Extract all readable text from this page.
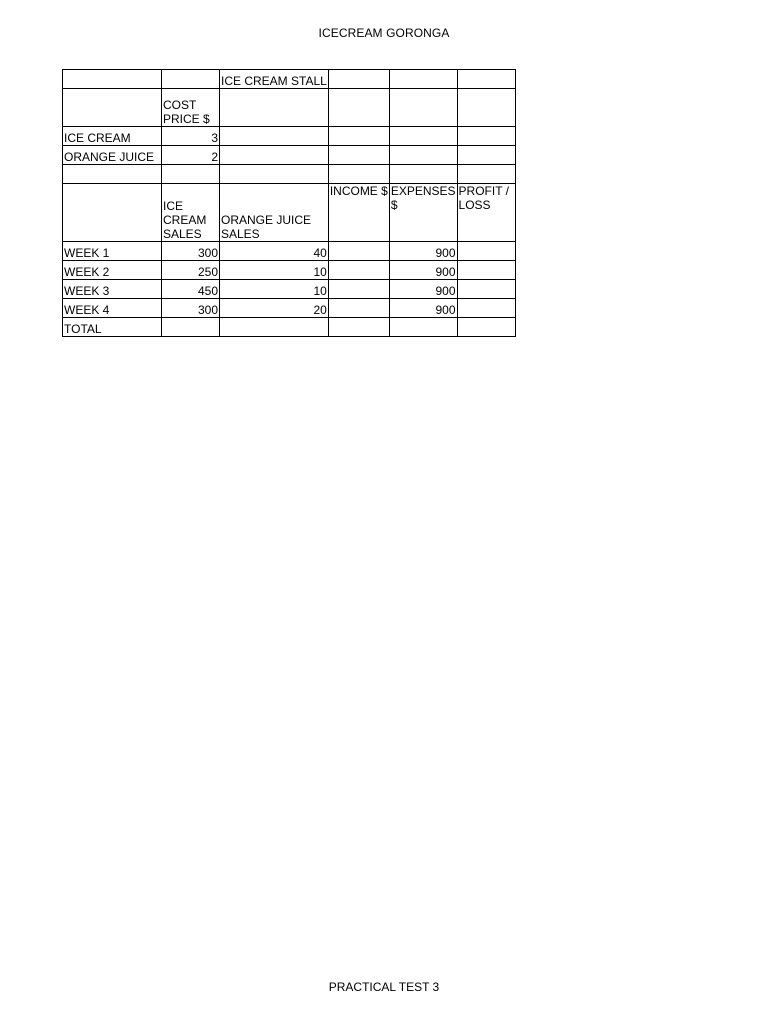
ICECREAM GORONGA
		ICE CREAM STALL			
	COST PRICE $				
ICE CREAM	3				
ORANGE JUICE	2				

	ICE CREAM SALES	ORANGE JUICE SALES	INCOME $	EXPENSES $	PROFIT / LOSS
WEEK 1	300	40		900	
WEEK 2	250	10		900	
WEEK 3	450	10		900	
WEEK 4	300	20		900	
TOTAL					
PRACTICAL TEST 3
